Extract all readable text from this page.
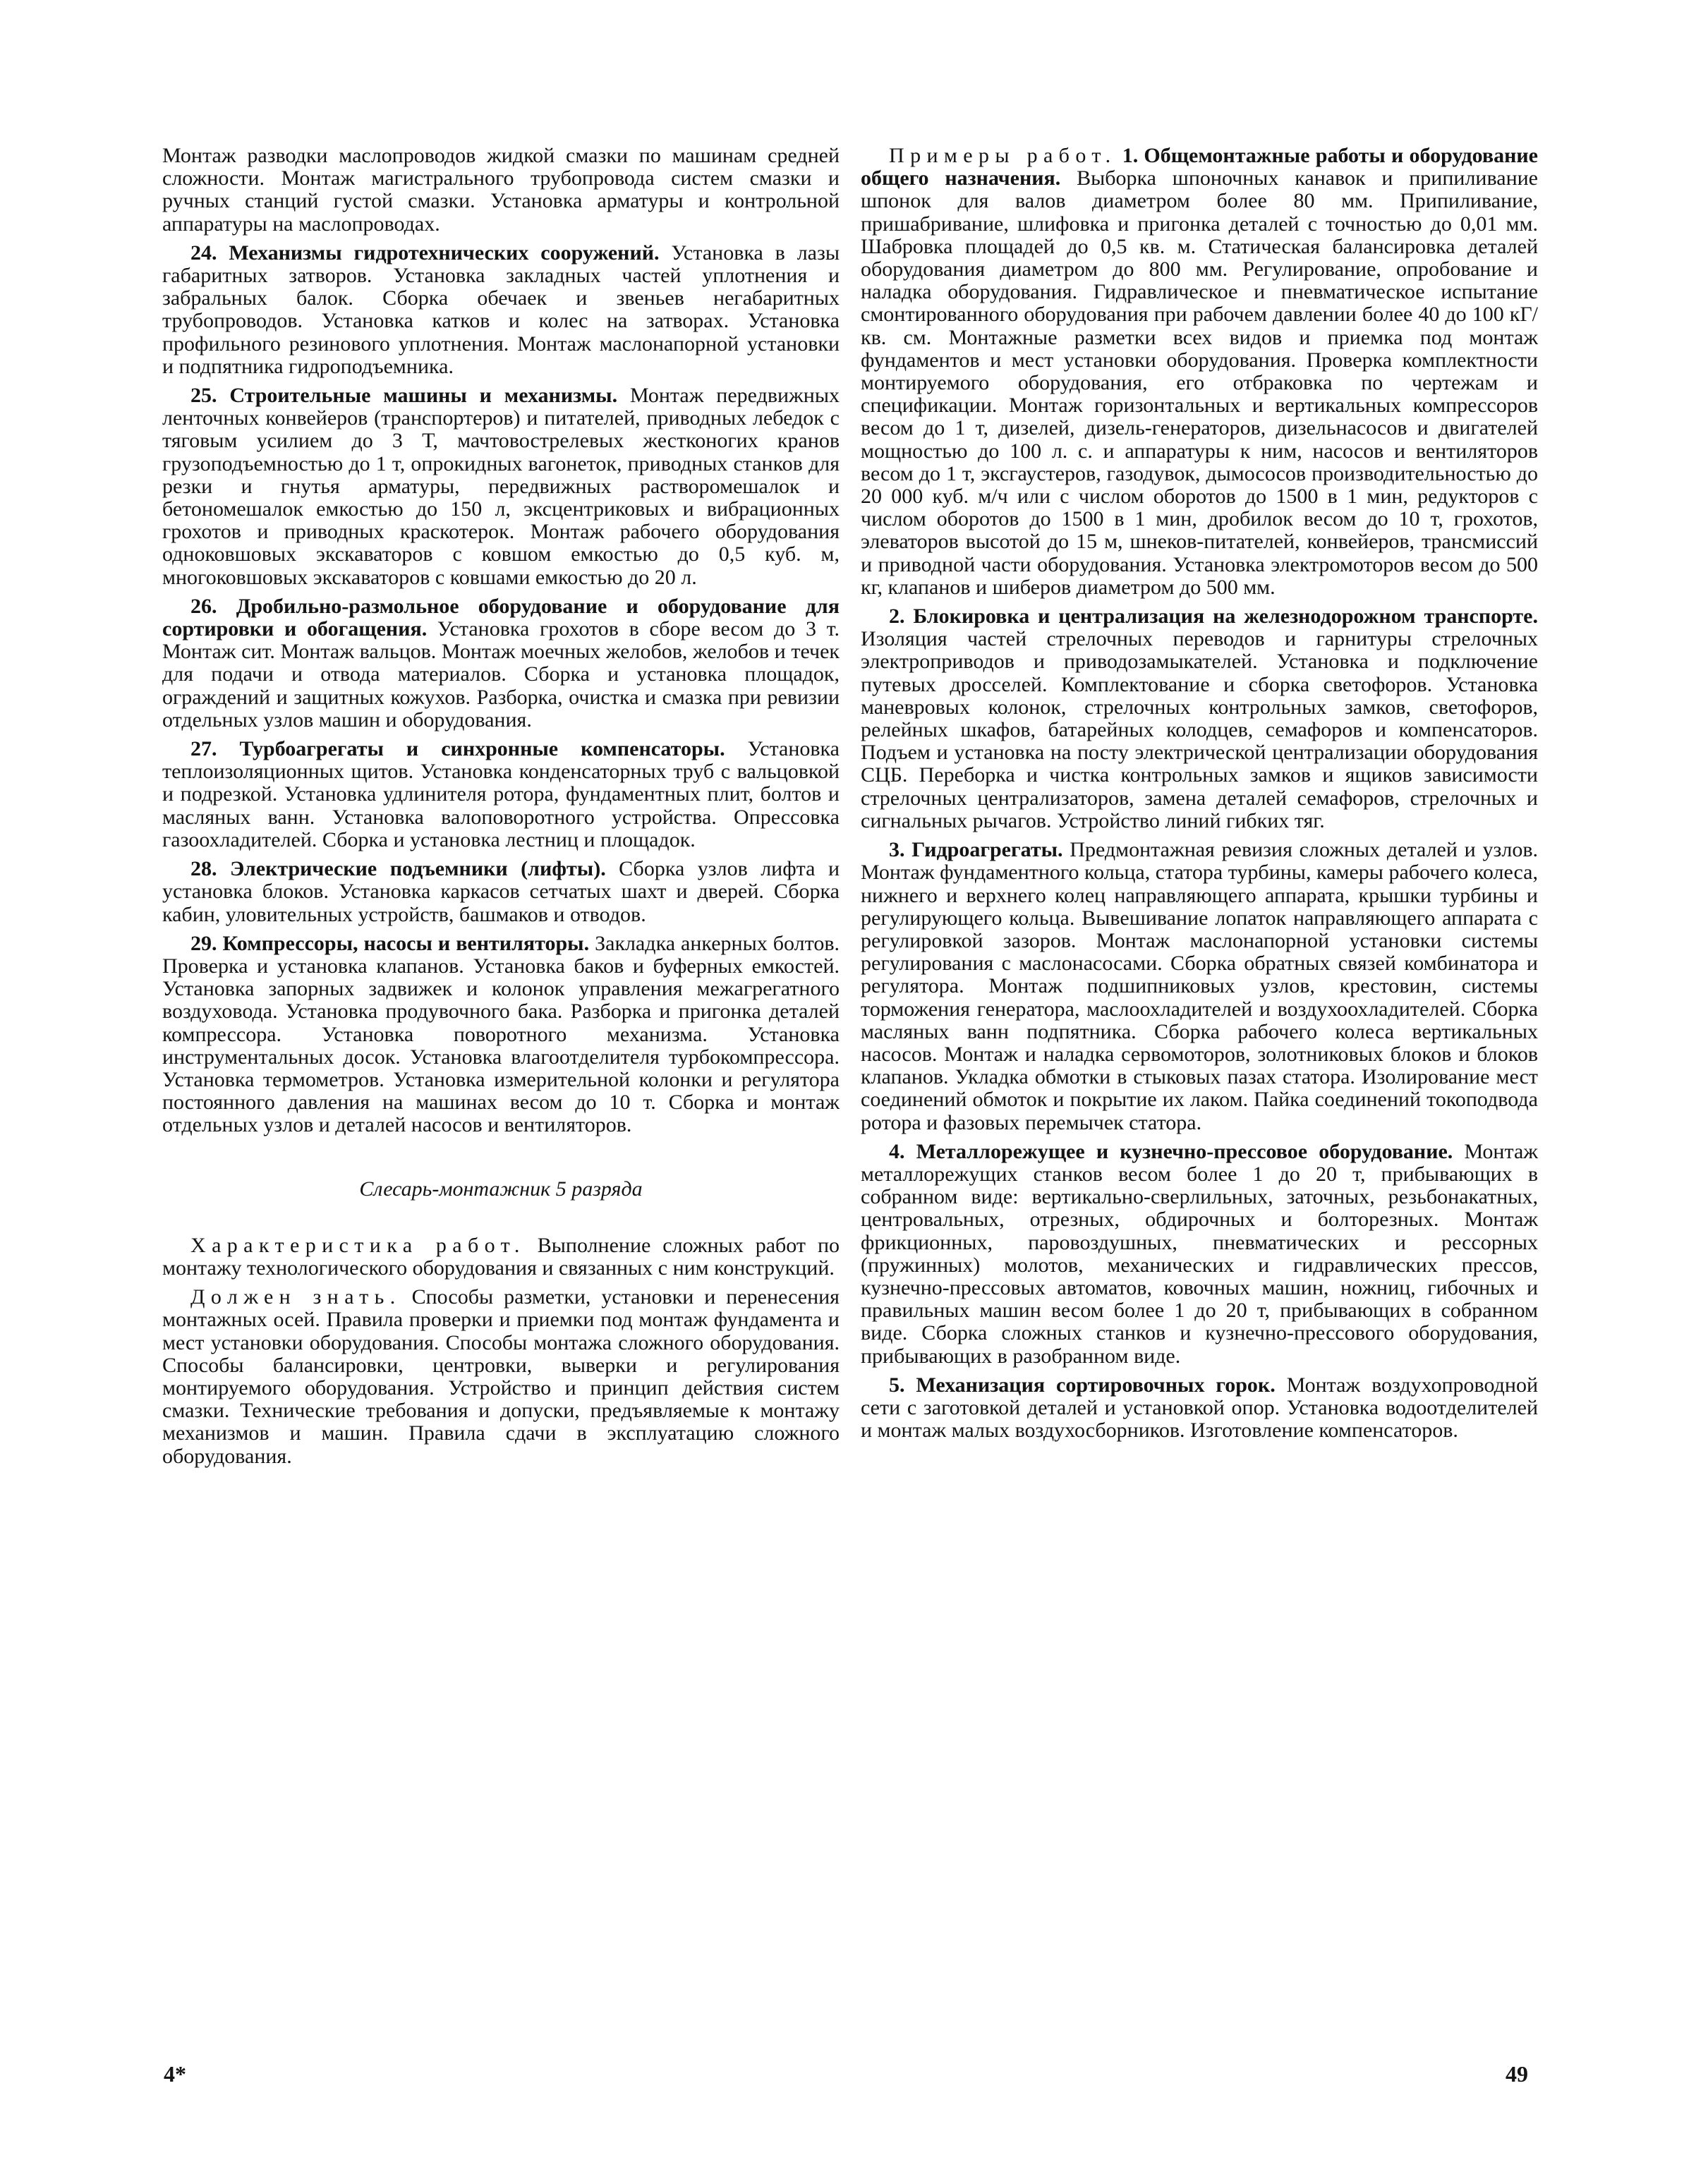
Монтаж разводки маслопроводов жидкой смазки по машинам средней сложности. Монтаж магистрального трубопровода систем смазки и ручных станций густой смазки. Установка арматуры и контрольной аппаратуры на маслопроводах.

24. Механизмы гидротехнических сооружений. Установка в лазы габаритных затворов. Установка закладных частей уплотнения и забральных балок. Сборка обечаек и звеньев негабаритных трубопроводов. Установка катков и колес на затворах. Установка профильного резинового уплотнения. Монтаж маслонапорной установки и подпятника гидроподъемника.

25. Строительные машины и механизмы. Монтаж передвижных ленточных конвейеров (транспортеров) и питателей, приводных лебедок с тяговым усилием до 3 Т, мачтовострелевых жестконогих кранов грузоподъемностью до 1 т, опрокидных вагонеток, приводных станков для резки и гнутья арматуры, передвижных растворомешалок и бетономешалок емкостью до 150 л, эксцентриковых и вибрационных грохотов и приводных краскотерок. Монтаж рабочего оборудования одноковшовых экскаваторов с ковшом емкостью до 0,5 куб. м, многоковшовых экскаваторов с ковшами емкостью до 20 л.

26. Дробильно-размольное оборудование и оборудование для сортировки и обогащения. Установка грохотов в сборе весом до 3 т. Монтаж сит. Монтаж вальцов. Монтаж моечных желобов, желобов и течек для подачи и отвода материалов. Сборка и установка площадок, ограждений и защитных кожухов. Разборка, очистка и смазка при ревизии отдельных узлов машин и оборудования.

27. Турбоагрегаты и синхронные компенсаторы. Установка теплоизоляционных щитов. Установка конденсаторных труб с вальцовкой и подрезкой. Установка удлинителя ротора, фундаментных плит, болтов и масляных ванн. Установка валоповоротного устройства. Опрессовка газоохладителей. Сборка и установка лестниц и площадок.

28. Электрические подъемники (лифты). Сборка узлов лифта и установка блоков. Установка каркасов сетчатых шахт и дверей. Сборка кабин, уловительных устройств, башмаков и отводов.

29. Компрессоры, насосы и вентиляторы. Закладка анкерных болтов. Проверка и установка клапанов. Установка баков и буферных емкостей. Установка запорных задвижек и колонок управления межагрегатного воздуховода. Установка продувочного бака. Разборка и пригонка деталей компрессора. Установка поворотного механизма. Установка инструментальных досок. Установка влагоотделителя турбокомпрессора. Установка термометров. Установка измерительной колонки и регулятора постоянного давления на машинах весом до 10 т. Сборка и монтаж отдельных узлов и деталей насосов и вентиляторов.

Слесарь-монтажник 5 разряда

Характеристика работ. Выполнение сложных работ по монтажу технологического оборудования и связанных с ним конструкций.

Должен знать. Способы разметки, установки и перенесения монтажных осей. Правила проверки и приемки под монтаж фундамента и мест установки оборудования. Способы монтажа сложного оборудования. Способы балансировки, центровки, выверки и регулирования монтируемого оборудования. Устройство и принцип действия систем смазки. Технические требования и допуски, предъявляемые к монтажу механизмов и машин. Правила сдачи в эксплуатацию сложного оборудования.

Примеры работ. 1. Общемонтажные работы и оборудование общего назначения. Выборка шпоночных канавок и припиливание шпонок для валов диаметром более 80 мм. Припиливание, пришабривание, шлифовка и пригонка деталей с точностью до 0,01 мм. Шабровка площадей до 0,5 кв. м. Статическая балансировка деталей оборудования диаметром до 800 мм. Регулирование, опробование и наладка оборудования. Гидравлическое и пневматическое испытание смонтированного оборудования при рабочем давлении более 40 до 100 кГ/кв. см. Монтажные разметки всех видов и приемка под монтаж фундаментов и мест установки оборудования. Проверка комплектности монтируемого оборудования, его отбраковка по чертежам и спецификации. Монтаж горизонтальных и вертикальных компрессоров весом до 1 т, дизелей, дизель-генераторов, дизельнасосов и двигателей мощностью до 100 л. с. и аппаратуры к ним, насосов и вентиляторов весом до 1 т, эксгаустеров, газодувок, дымососов производительностью до 20 000 куб. м/ч или с числом оборотов до 1500 в 1 мин, редукторов с числом оборотов до 1500 в 1 мин, дробилок весом до 10 т, грохотов, элеваторов высотой до 15 м, шнеков-питателей, конвейеров, трансмиссий и приводной части оборудования. Установка электромоторов весом до 500 кг, клапанов и шиберов диаметром до 500 мм.

2. Блокировка и централизация на железнодорожном транспорте. Изоляция частей стрелочных переводов и гарнитуры стрелочных электроприводов и приводозамыкателей. Установка и подключение путевых дросселей. Комплектование и сборка светофоров. Установка маневровых колонок, стрелочных контрольных замков, светофоров, релейных шкафов, батарейных колодцев, семафоров и компенсаторов. Подъем и установка на посту электрической централизации оборудования СЦБ. Переборка и чистка контрольных замков и ящиков зависимости стрелочных централизаторов, замена деталей семафоров, стрелочных и сигнальных рычагов. Устройство линий гибких тяг.

3. Гидроагрегаты. Предмонтажная ревизия сложных деталей и узлов. Монтаж фундаментного кольца, статора турбины, камеры рабочего колеса, нижнего и верхнего колец направляющего аппарата, крышки турбины и регулирующего кольца. Вывешивание лопаток направляющего аппарата с регулировкой зазоров. Монтаж маслонапорной установки системы регулирования с маслонасосами. Сборка обратных связей комбинатора и регулятора. Монтаж подшипниковых узлов, крестовин, системы торможения генератора, маслоохладителей и воздухоохладителей. Сборка масляных ванн подпятника. Сборка рабочего колеса вертикальных насосов. Монтаж и наладка сервомоторов, золотниковых блоков и блоков клапанов. Укладка обмотки в стыковых пазах статора. Изолирование мест соединений обмоток и покрытие их лаком. Пайка соединений токоподвода ротора и фазовых перемычек статора.

4. Металлорежущее и кузнечно-прессовое оборудование. Монтаж металлорежущих станков весом более 1 до 20 т, прибывающих в собранном виде: вертикально-сверлильных, заточных, резьбонакатных, центровальных, отрезных, обдирочных и болторезных. Монтаж фрикционных, паровоздушных, пневматических и рессорных (пружинных) молотов, механических и гидравлических прессов, кузнечно-прессовых автоматов, ковочных машин, ножниц, гибочных и правильных машин весом более 1 до 20 т, прибывающих в собранном виде. Сборка сложных станков и кузнечно-прессового оборудования, прибывающих в разобранном виде.

5. Механизация сортировочных горок. Монтаж воздухопроводной сети с заготовкой деталей и установкой опор. Установка водоотделителей и монтаж малых воздухосборников. Изготовление компенсаторов.

4*	49
